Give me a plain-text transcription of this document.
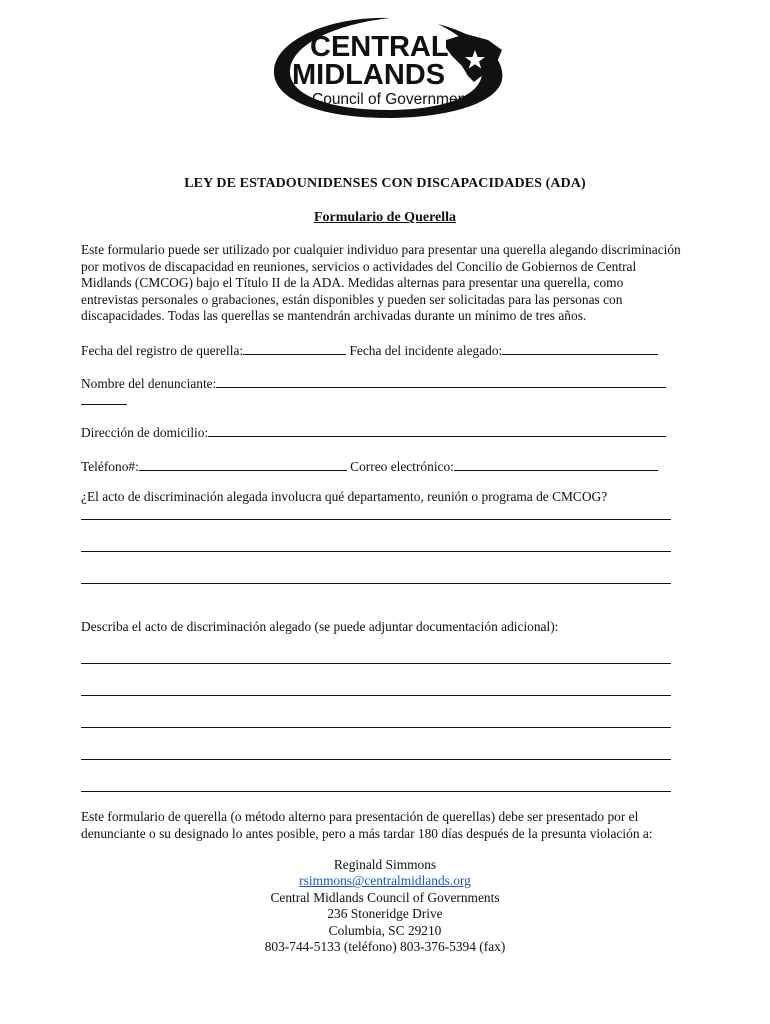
CENTRAL
MIDLANDS
Council of Governments
LEY DE ESTADOUNIDENSES CON DISCAPACIDADES (ADA)
Formulario de Querella
Este formulario puede ser utilizado por cualquier individuo para presentar una querella alegando discriminación por motivos de discapacidad en reuniones, servicios o actividades del Concilio de Gobiernos de Central Midlands (CMCOG) bajo el Título II de la ADA. Medidas alternas para presentar una querella, como entrevistas personales o grabaciones, están disponibles y pueden ser solicitadas para las personas con discapacidades. Todas las querellas se mantendrán archivadas durante un mínimo de tres años.
Fecha del registro de querella:	Fecha del incidente alegado:
Nombre del denunciante:
Dirección de domicilio:
Teléfono#:	Correo electrónico:
¿El acto de discriminación alegada involucra qué departamento, reunión o programa de CMCOG?
Describa el acto de discriminación alegado (se puede adjuntar documentación adicional):
Este formulario de querella (o método alterno para presentación de querellas) debe ser presentado por el denunciante o su designado lo antes posible, pero a más tardar 180 días después de la presunta violación a:
Reginald Simmons
rsimmons@centralmidlands.org
Central Midlands Council of Governments
236 Stoneridge Drive
Columbia, SC 29210
803-744-5133 (teléfono) 803-376-5394 (fax)
